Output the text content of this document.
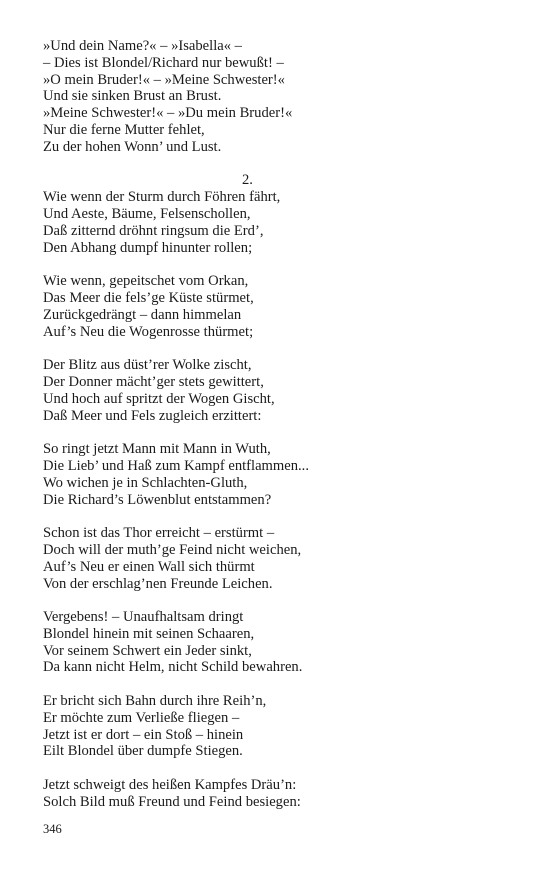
»Und dein Name?« – »Isabella« –
– Dies ist Blondel/Richard nur bewußt! –
»O mein Bruder!« – »Meine Schwester!«
Und sie sinken Brust an Brust.
»Meine Schwester!« – »Du mein Bruder!«
Nur die ferne Mutter fehlet,
Zu der hohen Wonn’ und Lust.
2.
Wie wenn der Sturm durch Föhren fährt,
Und Aeste, Bäume, Felsenschollen,
Daß zitternd dröhnt ringsum die Erd’,
Den Abhang dumpf hinunter rollen;
Wie wenn, gepeitschet vom Orkan,
Das Meer die fels’ge Küste stürmet,
Zurückgedrängt – dann himmelan
Auf’s Neu die Wogenrosse thürmet;
Der Blitz aus düst’rer Wolke zischt,
Der Donner mächt’ger stets gewittert,
Und hoch auf spritzt der Wogen Gischt,
Daß Meer und Fels zugleich erzittert:
So ringt jetzt Mann mit Mann in Wuth,
Die Lieb’ und Haß zum Kampf entflammen...
Wo wichen je in Schlachten-Gluth,
Die Richard’s Löwenblut entstammen?
Schon ist das Thor erreicht – erstürmt –
Doch will der muth’ge Feind nicht weichen,
Auf’s Neu er einen Wall sich thürmt
Von der erschlag’nen Freunde Leichen.
Vergebens! – Unaufhaltsam dringt
Blondel hinein mit seinen Schaaren,
Vor seinem Schwert ein Jeder sinkt,
Da kann nicht Helm, nicht Schild bewahren.
Er bricht sich Bahn durch ihre Reih’n,
Er möchte zum Verließe fliegen –
Jetzt ist er dort – ein Stoß – hinein
Eilt Blondel über dumpfe Stiegen.
Jetzt schweigt des heißen Kampfes Dräu’n:
Solch Bild muß Freund und Feind besiegen:
346
